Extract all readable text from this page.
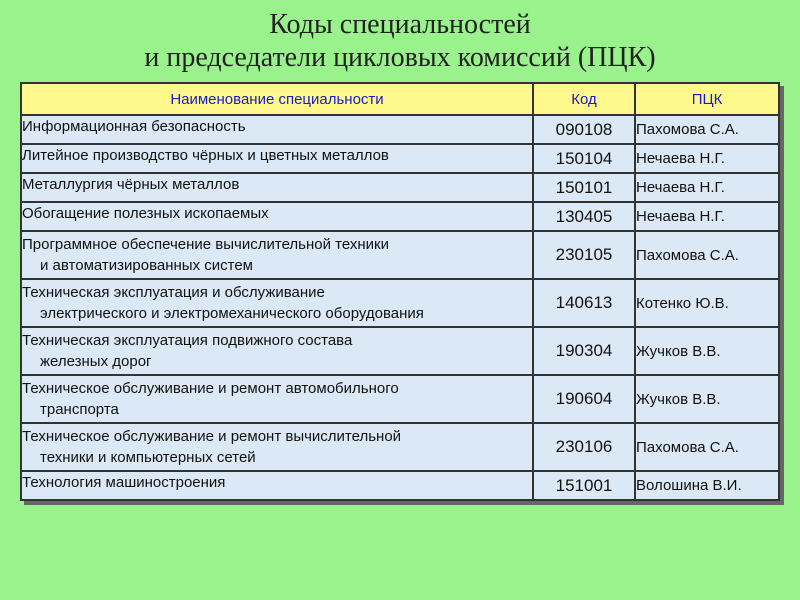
Коды специальностей
и председатели цикловых комиссий (ПЦК)
Наименование специальности	Код	ПЦК

Информационная безопасность	090108	Пахомова С.А.

Литейное производство чёрных и цветных металлов	150104	Нечаева Н.Г.

Металлургия чёрных металлов	150101	Нечаева Н.Г.

Обогащение полезных ископаемых	130405	Нечаева Н.Г.

Программное обеспечение вычислительной техники
и автоматизированных систем	230105	Пахомова С.А.

Техническая эксплуатация и обслуживание
электрического и электромеханического оборудования	140613	Котенко Ю.В.

Техническая эксплуатация подвижного состава
железных дорог	190304	Жучков В.В.

Техническое обслуживание и ремонт автомобильного
транспорта	190604	Жучков В.В.

Техническое обслуживание и ремонт вычислительной
техники и компьютерных сетей	230106	Пахомова С.А.

Технология машиностроения	151001	Волошина В.И.
